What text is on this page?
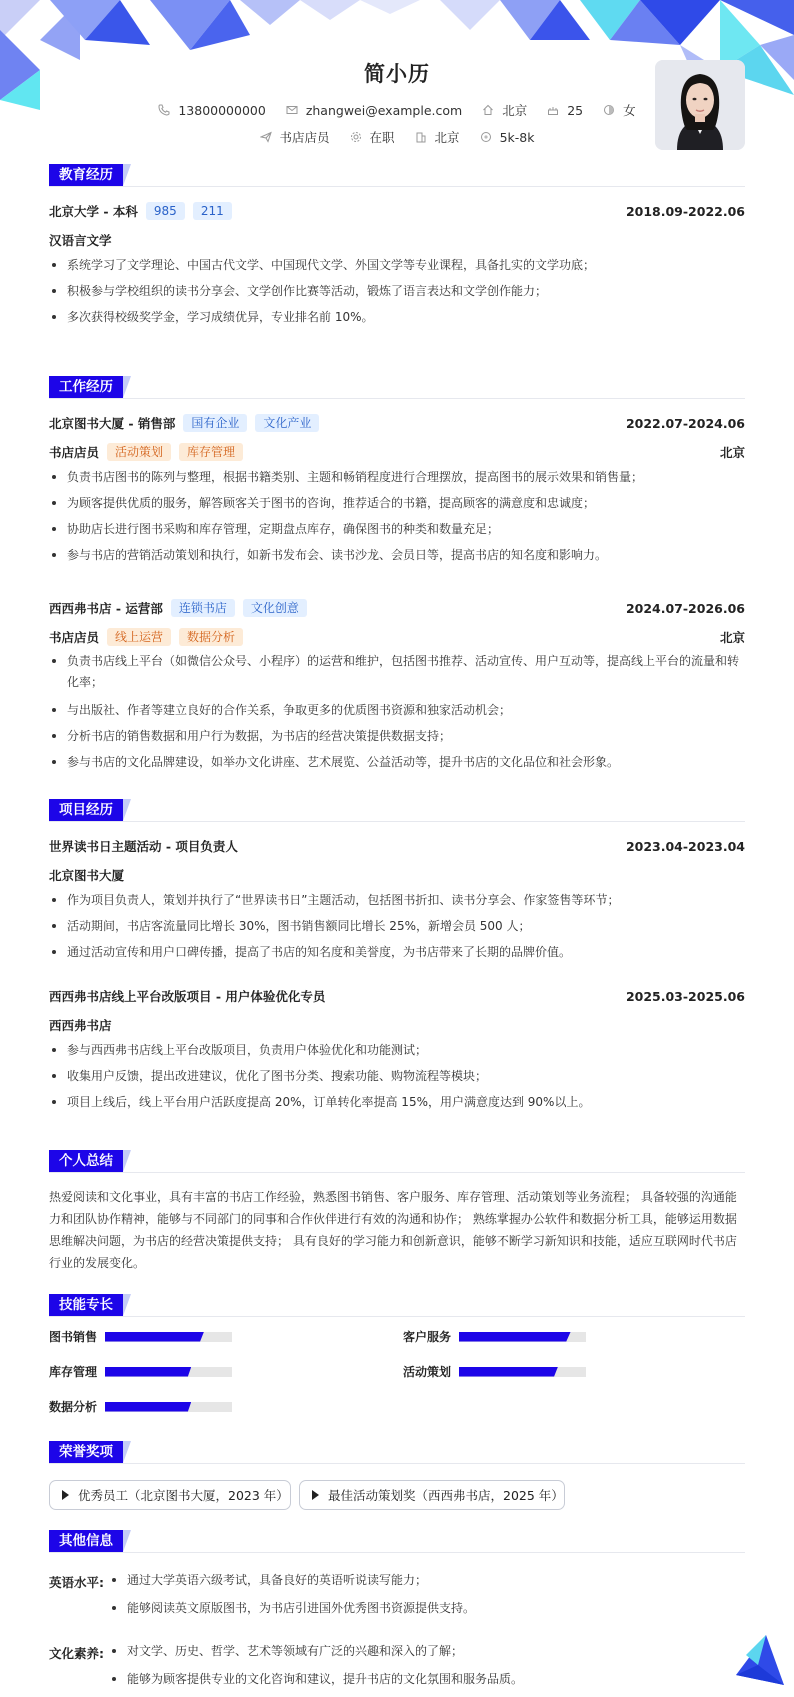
简小历
13800000000	zhangwei@example.com	北京	25	女
书店店员	在职	北京	5k-8k
教育经历
北京大学 - 本科	985	211	2018.09-2022.06
汉语言文学
系统学习了文学理论、中国古代文学、中国现代文学、外国文学等专业课程，具备扎实的文学功底；
积极参与学校组织的读书分享会、文学创作比赛等活动，锻炼了语言表达和文学创作能力；
多次获得校级奖学金，学习成绩优异，专业排名前 10%。
工作经历
北京图书大厦 - 销售部	国有企业	文化产业	2022.07-2024.06
书店店员	活动策划	库存管理	北京
负责书店图书的陈列与整理，根据书籍类别、主题和畅销程度进行合理摆放，提高图书的展示效果和销售量；
为顾客提供优质的服务，解答顾客关于图书的咨询，推荐适合的书籍，提高顾客的满意度和忠诚度；
协助店长进行图书采购和库存管理，定期盘点库存，确保图书的种类和数量充足；
参与书店的营销活动策划和执行，如新书发布会、读书沙龙、会员日等，提高书店的知名度和影响力。
西西弗书店 - 运营部	连锁书店	文化创意	2024.07-2026.06
书店店员	线上运营	数据分析	北京
负责书店线上平台（如微信公众号、小程序）的运营和维护，包括图书推荐、活动宣传、用户互动等，提高线上平台的流量和转化率；
与出版社、作者等建立良好的合作关系，争取更多的优质图书资源和独家活动机会；
分析书店的销售数据和用户行为数据，为书店的经营决策提供数据支持；
参与书店的文化品牌建设，如举办文化讲座、艺术展览、公益活动等，提升书店的文化品位和社会形象。
项目经历
世界读书日主题活动 - 项目负责人	2023.04-2023.04
北京图书大厦
作为项目负责人，策划并执行了“世界读书日”主题活动，包括图书折扣、读书分享会、作家签售等环节；
活动期间，书店客流量同比增长 30%，图书销售额同比增长 25%，新增会员 500 人；
通过活动宣传和用户口碑传播，提高了书店的知名度和美誉度，为书店带来了长期的品牌价值。
西西弗书店线上平台改版项目 - 用户体验优化专员	2025.03-2025.06
西西弗书店
参与西西弗书店线上平台改版项目，负责用户体验优化和功能测试；
收集用户反馈，提出改进建议，优化了图书分类、搜索功能、购物流程等模块；
项目上线后，线上平台用户活跃度提高 20%，订单转化率提高 15%，用户满意度达到 90%以上。
个人总结

热爱阅读和文化事业，具有丰富的书店工作经验，熟悉图书销售、客户服务、库存管理、活动策划等业务流程； 具备较强的沟通能力和团队协作精神，能够与不同部门的同事和合作伙伴进行有效的沟通和协作； 熟练掌握办公软件和数据分析工具，能够运用数据思维解决问题，为书店的经营决策提供支持； 具有良好的学习能力和创新意识，能够不断学习新知识和技能，适应互联网时代书店行业的发展变化。

技能专长
图书销售	客户服务
库存管理	活动策划
数据分析
荣誉奖项
优秀员工（北京图书大厦，2023 年）	最佳活动策划奖（西西弗书店，2025 年）
其他信息
英语水平:	通过大学英语六级考试，具备良好的英语听说读写能力；
能够阅读英文原版图书，为书店引进国外优秀图书资源提供支持。
文化素养:	对文学、历史、哲学、艺术等领域有广泛的兴趣和深入的了解；
能够为顾客提供专业的文化咨询和建议，提升书店的文化氛围和服务品质。
